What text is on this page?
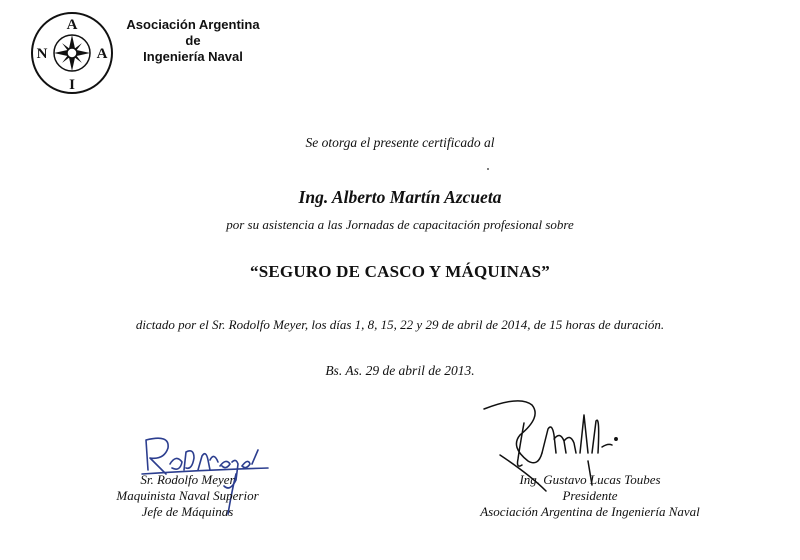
A
N	A
I
Asociación Argentina
de
Ingeniería Naval
Se otorga el presente certificado al
Ing. Alberto Martín Azcueta
por su asistencia a las Jornadas de capacitación profesional sobre
“SEGURO DE CASCO Y MÁQUINAS”
dictado por el Sr. Rodolfo Meyer, los días 1, 8, 15, 22 y 29 de abril de 2014, de 15 horas de duración.
Bs. As. 29 de abril de 2013.
Sr. Rodolfo Meyer
Maquinista Naval Superior
Jefe de Máquinas
Ing. Gustavo Lucas Toubes
Presidente
Asociación Argentina de Ingeniería Naval
